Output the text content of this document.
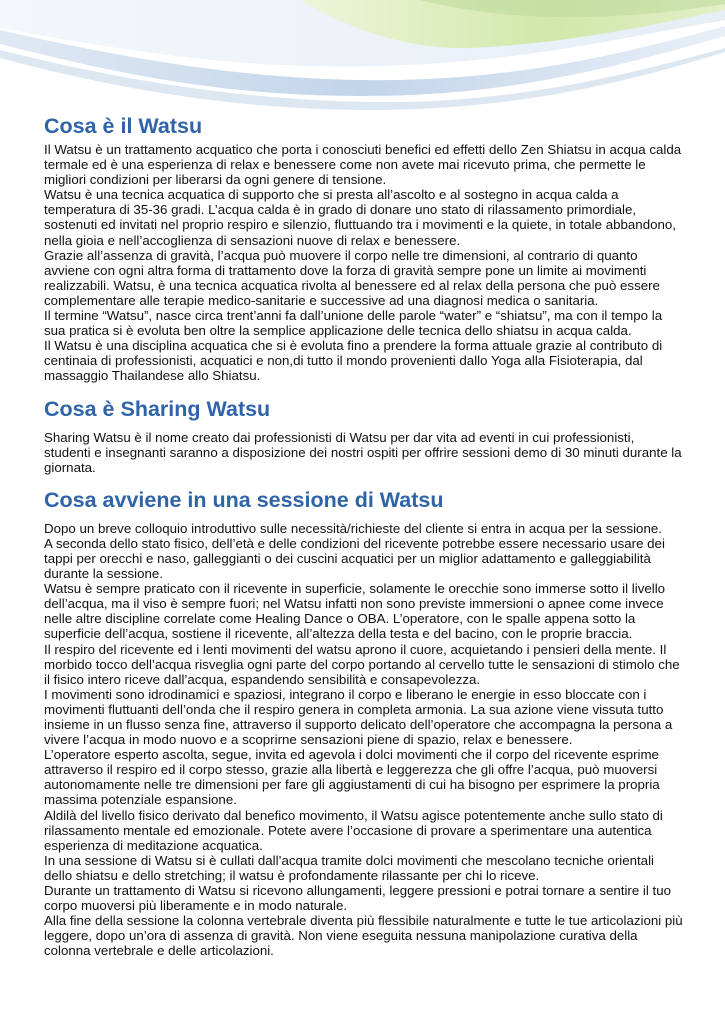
Cosa è il Watsu

Il Watsu è un trattamento acquatico che porta i conosciuti benefici ed effetti dello Zen Shiatsu in acqua calda termale ed è una esperienza di relax e benessere come non avete mai ricevuto prima, che permette le migliori condizioni per liberarsi da ogni genere di tensione.

Watsu è una tecnica acquatica di supporto che si presta all’ascolto e al sostegno in acqua calda a temperatura di 35-36 gradi. L’acqua calda è in grado di donare uno stato di rilassamento primordiale, sostenuti ed invitati nel proprio respiro e silenzio, fluttuando tra i movimenti e la quiete, in totale abbandono, nella gioia e nell’accoglienza di sensazioni nuove di relax e benessere.

Grazie all’assenza di gravità, l’acqua può muovere il corpo nelle tre dimensioni, al contrario di quanto avviene con ogni altra forma di trattamento dove la forza di gravità sempre pone un limite ai movimenti realizzabili. Watsu, è una tecnica acquatica rivolta al benessere ed al relax della persona che può essere complementare alle terapie medico-sanitarie e successive ad una diagnosi medica o sanitaria.

Il termine “Watsu”, nasce circa trent’anni fa dall’unione delle parole “water” e “shiatsu”, ma con il tempo la sua pratica si è evoluta ben oltre la semplice applicazione delle tecnica dello shiatsu in acqua calda.

Il Watsu è una disciplina acquatica che si è evoluta fino a prendere la forma attuale grazie al contributo di centinaia di professionisti, acquatici e non,di tutto il mondo provenienti dallo Yoga alla Fisioterapia, dal massaggio Thailandese allo Shiatsu.

Cosa è Sharing Watsu

Sharing Watsu è il nome creato dai professionisti di Watsu per dar vita ad eventi in cui professionisti, studenti e insegnanti saranno a disposizione dei nostri ospiti per offrire sessioni demo di 30 minuti durante la giornata.

Cosa avviene in una sessione di Watsu

Dopo un breve colloquio introduttivo sulle necessità/richieste del cliente si entra in acqua per la sessione.

A seconda dello stato fisico, dell’età e delle condizioni del ricevente potrebbe essere necessario usare dei tappi per orecchi e naso, galleggianti o dei cuscini acquatici per un miglior adattamento e galleggiabilità durante la sessione.

Watsu è sempre praticato con il ricevente in superficie, solamente le orecchie sono immerse sotto il livello dell’acqua, ma il viso è sempre fuori; nel Watsu infatti non sono previste immersioni o apnee come invece nelle altre discipline correlate come Healing Dance o OBA. L’operatore, con le spalle appena sotto la superficie dell’acqua, sostiene il ricevente, all’altezza della testa e del bacino, con le proprie braccia.

Il respiro del ricevente ed i lenti movimenti del watsu aprono il cuore, acquietando i pensieri della mente. Il morbido tocco dell’acqua risveglia ogni parte del corpo portando al cervello tutte le sensazioni di stimolo che il fisico intero riceve dall’acqua, espandendo sensibilità e consapevolezza.

I movimenti sono idrodinamici e spaziosi, integrano il corpo e liberano le energie in esso bloccate con i movimenti fluttuanti dell’onda che il respiro genera in completa armonia. La sua azione viene vissuta tutto insieme in un flusso senza fine, attraverso il supporto delicato dell’operatore che accompagna la persona a vivere l’acqua in modo nuovo e a scoprirne sensazioni piene di spazio, relax e benessere.

L’operatore esperto ascolta, segue, invita ed agevola i dolci movimenti che il corpo del ricevente esprime attraverso il respiro ed il corpo stesso, grazie alla libertà e leggerezza che gli offre l’acqua, può muoversi autonomamente nelle tre dimensioni per fare gli aggiustamenti di cui ha bisogno per esprimere la propria massima potenziale espansione.

Aldilà del livello fisico derivato dal benefico movimento, il Watsu agisce potentemente anche sullo stato di rilassamento mentale ed emozionale. Potete avere l’occasione di provare a sperimentare una autentica esperienza di meditazione acquatica.

In una sessione di Watsu si è cullati dall’acqua tramite dolci movimenti che mescolano tecniche orientali dello shiatsu e dello stretching; il watsu è profondamente rilassante per chi lo riceve.

Durante un trattamento di Watsu si ricevono allungamenti, leggere pressioni e potrai tornare a sentire il tuo corpo muoversi più liberamente e in modo naturale.

Alla fine della sessione la colonna vertebrale diventa più flessibile naturalmente e tutte le tue articolazioni più leggere, dopo un’ora di assenza di gravità. Non viene eseguita nessuna manipolazione curativa della colonna vertebrale e delle articolazioni.
